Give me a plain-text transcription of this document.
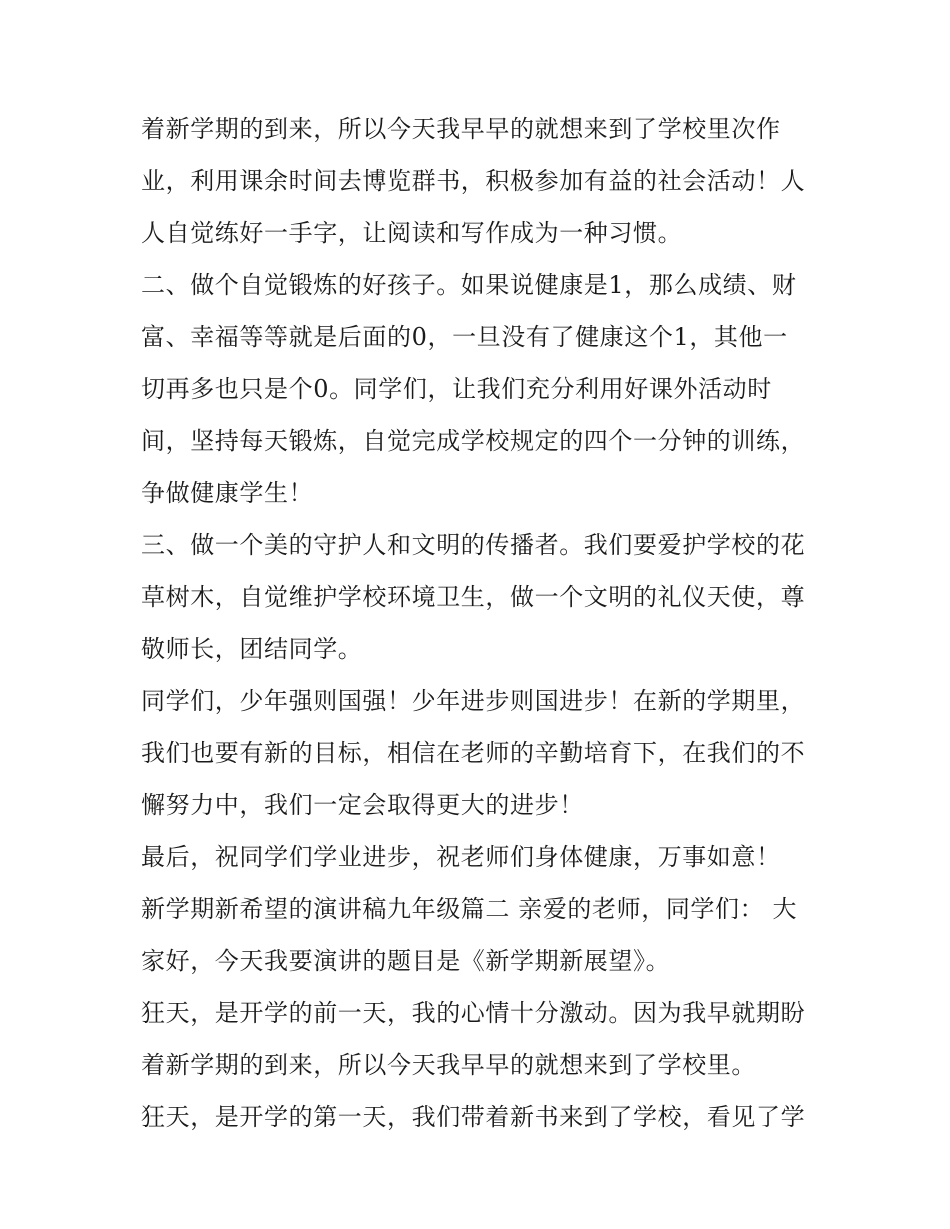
着新学期的到来，所以今天我早早的就想来到了学校里次作
业，利用课余时间去博览群书，积极参加有益的社会活动！人
人自觉练好一手字，让阅读和写作成为一种习惯。
二、做个自觉锻炼的好孩子。如果说健康是1，那么成绩、财
富、幸福等等就是后面的0，一旦没有了健康这个1，其他一
切再多也只是个0。同学们，让我们充分利用好课外活动时
间，坚持每天锻炼，自觉完成学校规定的四个一分钟的训练，
争做健康学生！
三、做一个美的守护人和文明的传播者。我们要爱护学校的花
草树木，自觉维护学校环境卫生，做一个文明的礼仪天使，尊
敬师长，团结同学。
同学们，少年强则国强！少年进步则国进步！在新的学期里，
我们也要有新的目标，相信在老师的辛勤培育下，在我们的不
懈努力中，我们一定会取得更大的进步！
最后，祝同学们学业进步，祝老师们身体健康，万事如意！
新学期新希望的演讲稿九年级篇二 亲爱的老师，同学们： 大
家好，今天我要演讲的题目是《新学期新展望》。
狂天，是开学的前一天，我的心情十分激动。因为我早就期盼
着新学期的到来，所以今天我早早的就想来到了学校里。
狂天，是开学的第一天，我们带着新书来到了学校，看见了学
